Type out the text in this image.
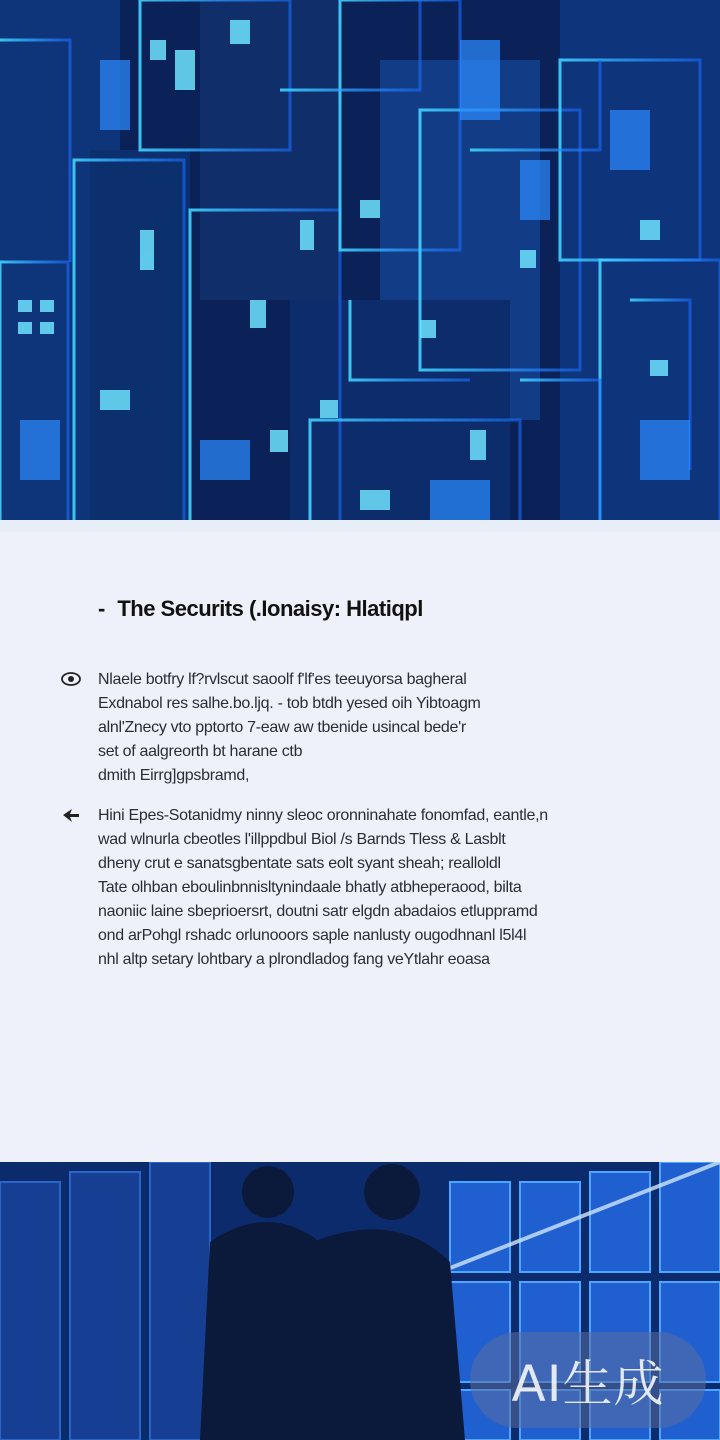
- The Securits (.Ionaisy: Hlatiqpl
Nlaele botfry lf?rvlscut saoolf f'lf'es teeuyorsa bagheral
Exdnabol res salhe.bo.ljq. - tob btdh yesed oih Yibtoagm
alnl'Znecy vto pptorto 7-eaw aw tbenide usincal bede'r
set of aalgreorth bt harane ctb
dmith Eirrg]gpsbramd,
Hini Epes-Sotanidmy ninny sleoc oronninahate fonomfad, eantle,n
wad wlnurla cbeotles l'illppdbul Biol /s Barnds Tless & Lasblt
dheny crut e sanatsgbentate sats eolt syant sheah; realloldl
Tate olhban eboulinbnnisltynindaale bhatly atbheperaood, bilta
naoniic laine sbeprioersrt, doutni satr elgdn abadaios etluppramd
ond arPohgl rshadc orlunooors saple nanlusty ougodhnanl l5l4l
nhl altp setary lohtbary a plrondladog fang veYtlahr eoasa
AI生成
